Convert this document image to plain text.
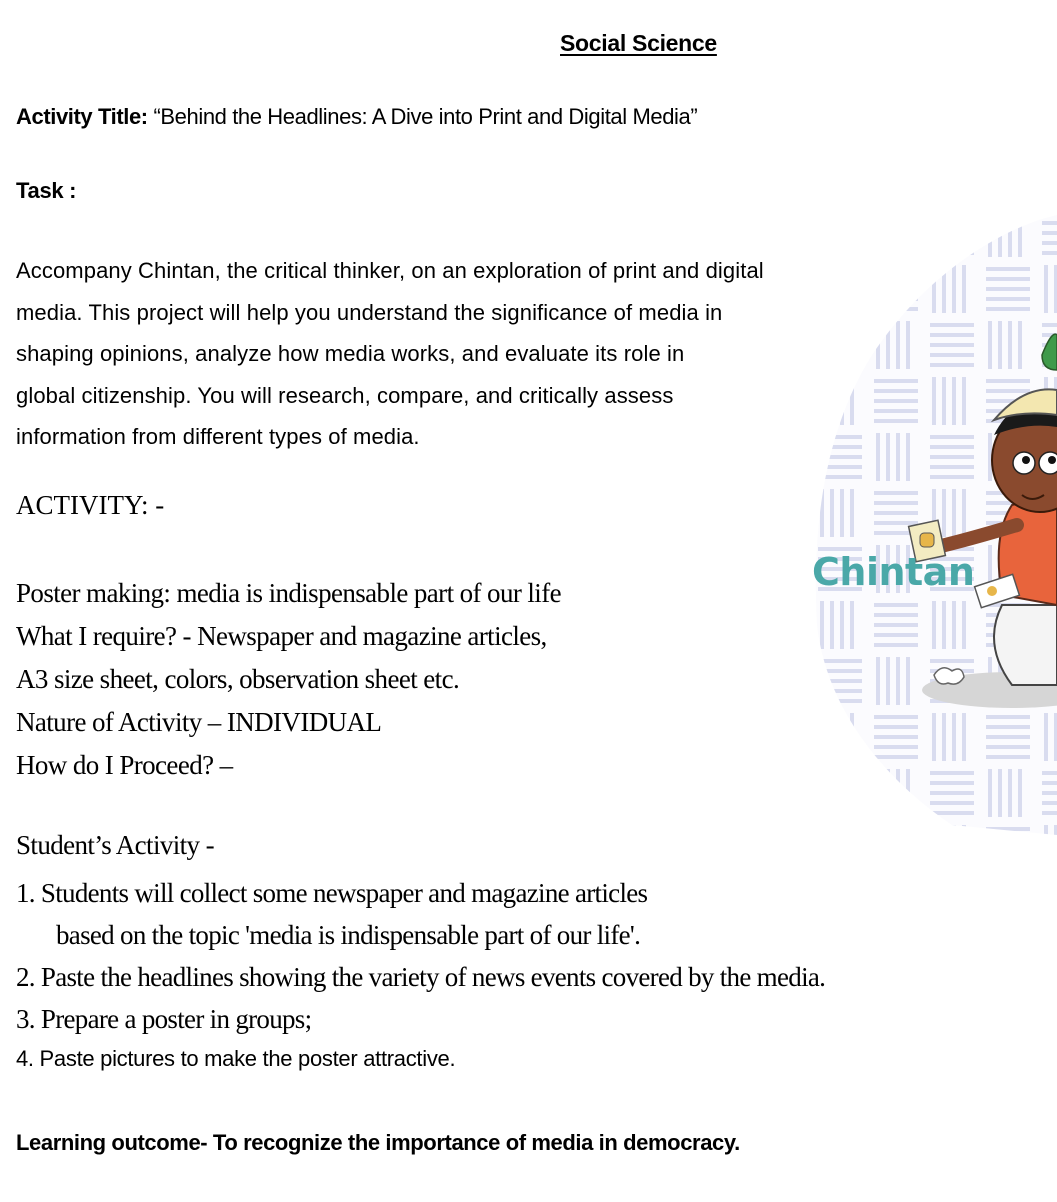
Social Science
Activity Title: “Behind the Headlines: A Dive into Print and Digital Media”
Task :
Accompany Chintan, the critical thinker, on an exploration of print and digital
media. This project will help you understand the significance of media in
shaping opinions, analyze how media works, and evaluate its role in
global citizenship. You will research, compare, and critically assess
information from different types of media.
Chintan
ACTIVITY: -
Poster making: media is indispensable part of our life
What I require? - Newspaper and magazine articles,
A3 size sheet, colors, observation sheet etc.
Nature of Activity – INDIVIDUAL
How do I Proceed? –
Student’s Activity -
1. Students will collect some newspaper and magazine articles
based on the topic 'media is indispensable part of our life'.
2. Paste the headlines showing the variety of news events covered by the media.
3. Prepare a poster in groups;
4. Paste pictures to make the poster attractive.
Learning outcome- To recognize the importance of media in democracy.
